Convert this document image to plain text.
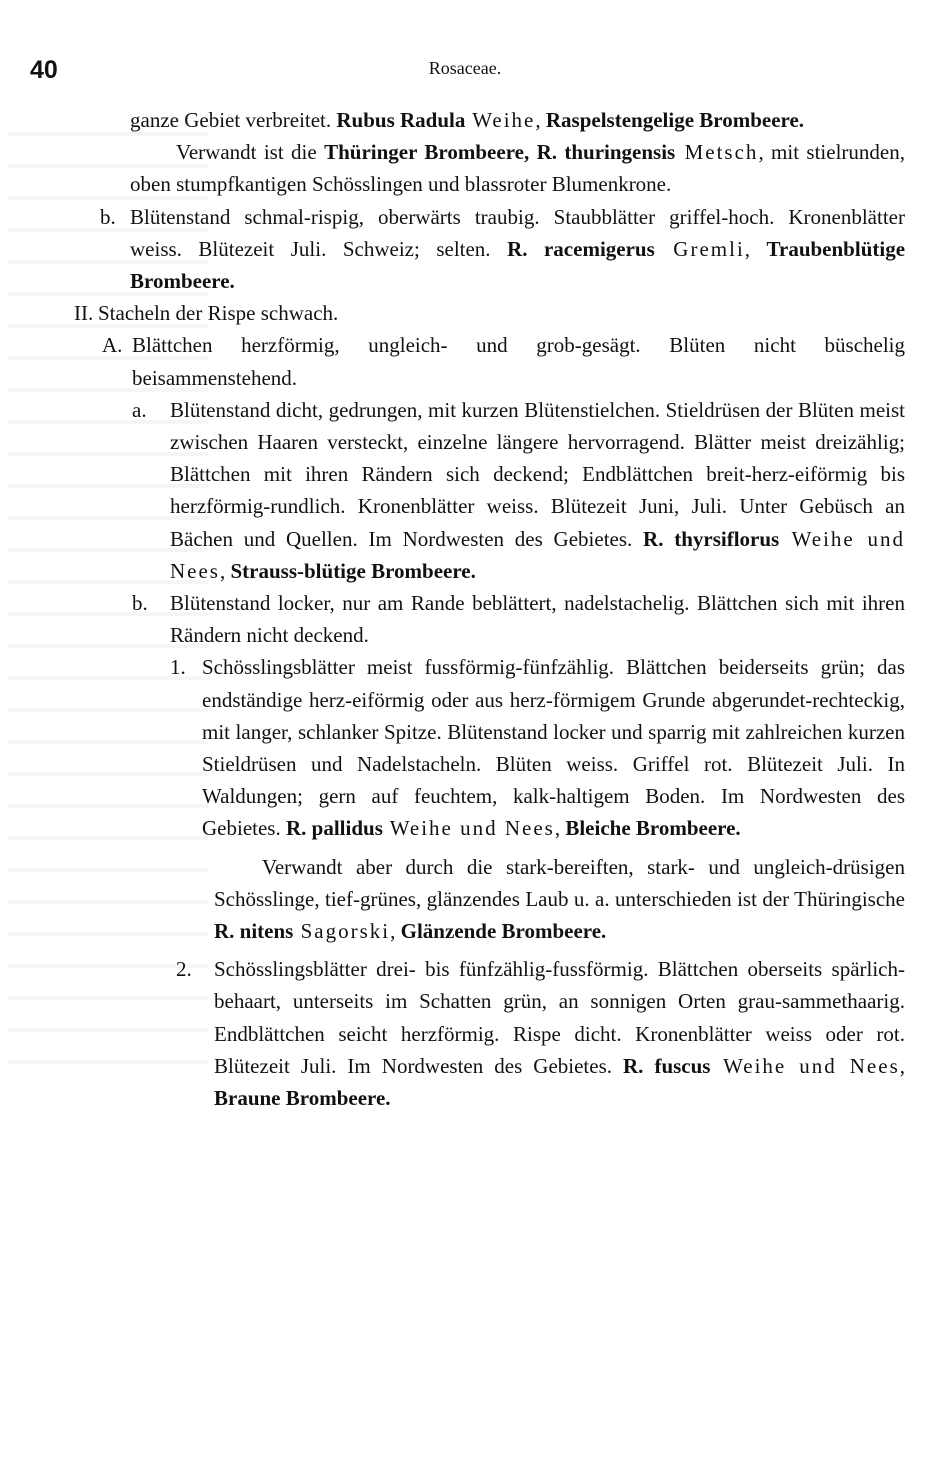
40	Rosaceae.

ganze Gebiet verbreitet. Rubus Radula Weihe, Raspelstengelige Brombeere.

Verwandt ist die Thüringer Brombeere, R. thuringensis Metsch, mit stielrunden, oben stumpfkantigen Schösslingen und blassroter Blumenkrone.

b. Blütenstand schmal-rispig, oberwärts traubig. Staubblätter griffel-hoch. Kronenblätter weiss. Blütezeit Juli. Schweiz; selten. R. racemigerus Gremli, Traubenblütige Brombeere.
II. Stacheln der Rispe schwach.
A. Blättchen herzförmig, ungleich- und grob-gesägt. Blüten nicht büschelig beisammenstehend.
a.	Blütenstand dicht, gedrungen, mit kurzen Blütenstielchen. Stieldrüsen der Blüten meist zwischen Haaren versteckt, einzelne längere hervorragend. Blätter meist dreizählig; Blättchen mit ihren Rändern sich deckend; Endblättchen breit-herz-eiförmig bis herzförmig-rundlich. Kronenblätter weiss. Blütezeit Juni, Juli. Unter Gebüsch an Bächen und Quellen. Im Nordwesten des Gebietes. R. thyrsiflorus Weihe und Nees, Strauss-blütige Brombeere.
b.	Blütenstand locker, nur am Rande beblättert, nadelstachelig. Blättchen sich mit ihren Rändern nicht deckend.
1. Schösslingsblätter meist fussförmig-fünfzählig. Blättchen beiderseits grün; das endständige herz-eiförmig oder aus herz-förmigem Grunde abgerundet-rechteckig, mit langer, schlanker Spitze. Blütenstand locker und sparrig mit zahlreichen kurzen Stieldrüsen und Nadelstacheln. Blüten weiss. Griffel rot. Blütezeit Juli. In Waldungen; gern auf feuchtem, kalk-haltigem Boden. Im Nordwesten des Gebietes. R. pallidus Weihe und Nees, Bleiche Brombeere.

Verwandt aber durch die stark-bereiften, stark- und ungleich-drüsigen Schösslinge, tief-grünes, glänzendes Laub u. a. unterschieden ist der Thüringische R. nitens Sagorski, Glänzende Brombeere.

2.	Schösslingsblätter drei- bis fünfzählig-fussförmig. Blättchen oberseits spärlich-behaart, unterseits im Schatten grün, an sonnigen Orten grau-sammethaarig. Endblättchen seicht herzförmig. Rispe dicht. Kronenblätter weiss oder rot. Blütezeit Juli. Im Nordwesten des Gebietes. R. fuscus Weihe und Nees, Braune Brombeere.
